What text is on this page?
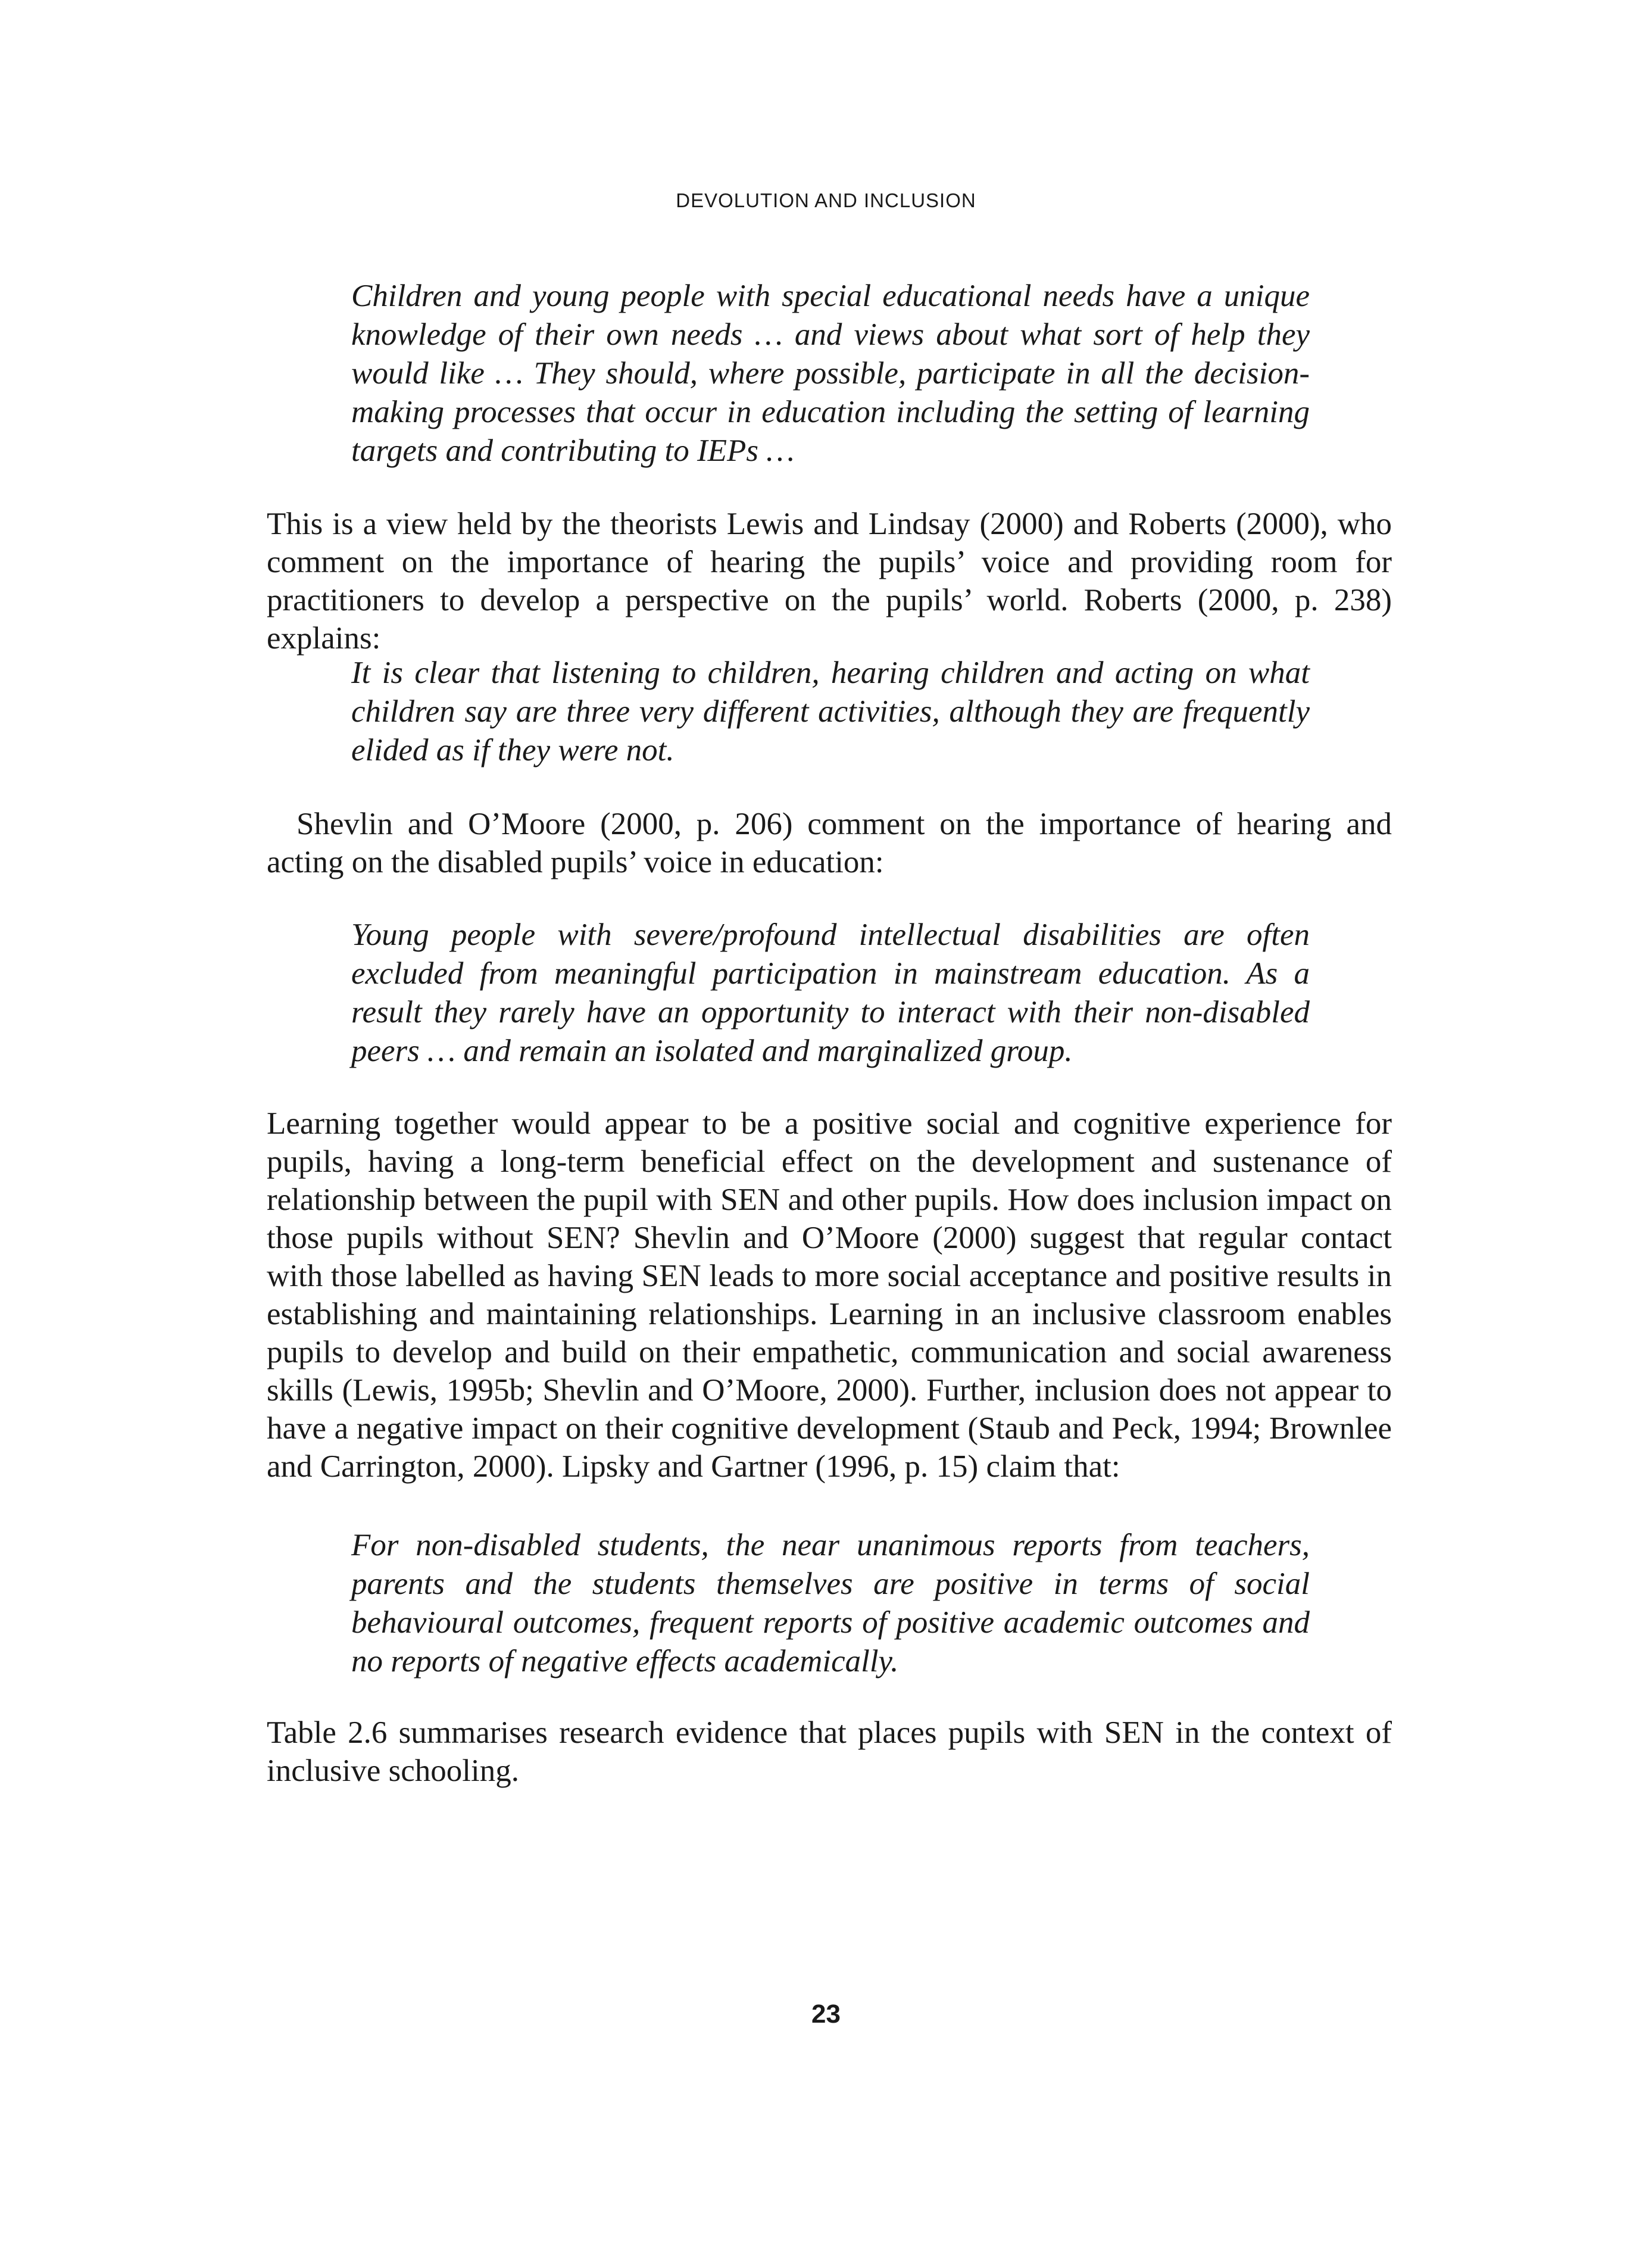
DEVOLUTION AND INCLUSION

Children and young people with special educational needs have a unique knowledge of their own needs … and views about what sort of help they would like … They should, where possible, participate in all the decision-making processes that occur in education including the setting of learning targets and contributing to IEPs …

This is a view held by the theorists Lewis and Lindsay (2000) and Roberts (2000), who comment on the importance of hearing the pupils’ voice and providing room for practitioners to develop a perspective on the pupils’ world. Roberts (2000, p. 238) explains:

It is clear that listening to children, hearing children and acting on what children say are three very different activities, although they are frequently elided as if they were not.

Shevlin and O’Moore (2000, p. 206) comment on the importance of hearing and acting on the disabled pupils’ voice in education:

Young people with severe/profound intellectual disabilities are often excluded from meaningful participation in mainstream education. As a result they rarely have an opportunity to interact with their non-disabled peers … and remain an isolated and marginalized group.

Learning together would appear to be a positive social and cognitive experience for pupils, having a long-term beneficial effect on the development and sustenance of relationship between the pupil with SEN and other pupils. How does inclusion impact on those pupils without SEN? Shevlin and O’Moore (2000) suggest that regular contact with those labelled as having SEN leads to more social acceptance and positive results in establishing and maintaining relationships. Learning in an inclusive classroom enables pupils to develop and build on their empathetic, communication and social awareness skills (Lewis, 1995b; Shevlin and O’Moore, 2000). Further, inclusion does not appear to have a negative impact on their cognitive development (Staub and Peck, 1994; Brownlee and Carrington, 2000). Lipsky and Gartner (1996, p. 15) claim that:

For non-disabled students, the near unanimous reports from teachers, parents and the students themselves are positive in terms of social behavioural outcomes, frequent reports of positive academic outcomes and no reports of negative effects academically.

Table 2.6 summarises research evidence that places pupils with SEN in the context of inclusive schooling.

23
